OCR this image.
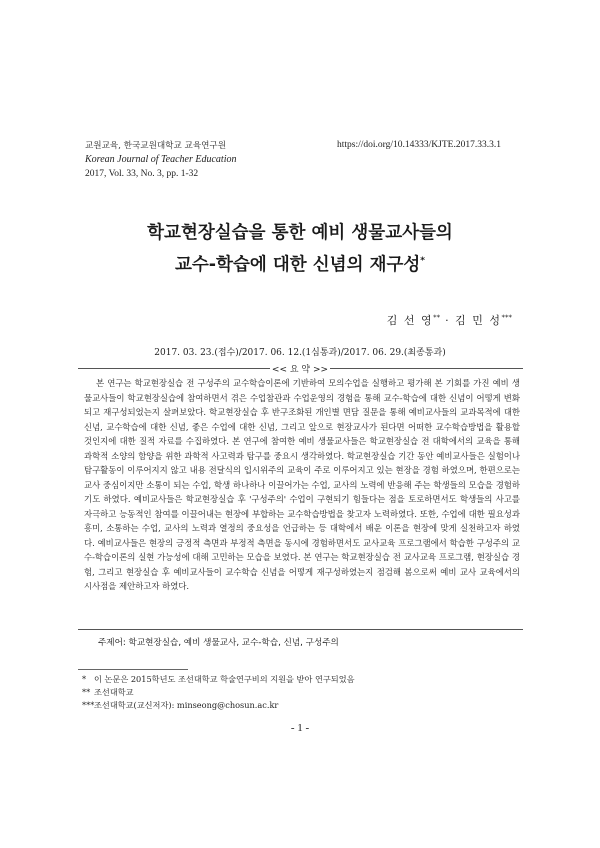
교원교육, 한국교원대학교 교육연구원
Korean Journal of Teacher Education
2017, Vol. 33, No. 3, pp. 1-32
https://doi.org/10.14333/KJTE.2017.33.3.1
학교현장실습을 통한 예비 생물교사들의
교수-학습에 대한 신념의 재구성*
김 선 영** · 김 민 성***
2017. 03. 23.(접수)/2017. 06. 12.(1심통과)/2017. 06. 29.(최종통과)
<< 요 약 >>

본 연구는 학교현장실습 전 구성주의 교수학습이론에 기반하여 모의수업을 실행하고 평가해 본 기회를 가진 예비 생물교사들이 학교현장실습에 참여하면서 겪은 수업참관과 수업운영의 경험을 통해 교수-학습에 대한 신념이 어떻게 변화되고 재구성되었는지 살펴보았다. 학교현장실습 후 반구조화된 개인별 면담 질문을 통해 예비교사들의 교과목적에 대한 신념, 교수학습에 대한 신념, 좋은 수업에 대한 신념, 그리고 앞으로 현장교사가 된다면 어떠한 교수학습방법을 활용할 것인지에 대한 질적 자료를 수집하였다. 본 연구에 참여한 예비 생물교사들은 학교현장실습 전 대학에서의 교육을 통해 과학적 소양의 함양을 위한 과학적 사고력과 탐구를 중요시 생각하였다. 학교현장실습 기간 동안 예비교사들은 실험이나 탐구활동이 이루어지지 않고 내용 전달식의 입시위주의 교육이 주로 이루어지고 있는 현장을 경험 하였으며, 한편으로는 교사 중심이지만 소통이 되는 수업, 학생 하나하나 이끌어가는 수업, 교사의 노력에 반응해 주는 학생들의 모습을 경험하기도 하였다. 예비교사들은 학교현장실습 후 '구성주의' 수업이 구현되기 힘들다는 점을 토로하면서도 학생들의 사고를 자극하고 능동적인 참여를 이끌어내는 현장에 부합하는 교수학습방법을 찾고자 노력하였다. 또한, 수업에 대한 필요성과 흥미, 소통하는 수업, 교사의 노력과 열정의 중요성을 언급하는 등 대학에서 배운 이론을 현장에 맞게 실천하고자 하였다. 예비교사들은 현장의 긍정적 측면과 부정적 측면을 동시에 경험하면서도 교사교육 프로그램에서 학습한 구성주의 교수-학습이론의 실현 가능성에 대해 고민하는 모습을 보였다. 본 연구는 학교현장실습 전 교사교육 프로그램, 현장실습 경험, 그리고 현장실습 후 예비교사들이 교수학습 신념을 어떻게 재구성하였는지 점검해 봄으로써 예비 교사 교육에서의 시사점을 제안하고자 하였다.

주제어: 학교현장실습, 예비 생물교사, 교수-학습, 신념, 구성주의
* 이 논문은 2015학년도 조선대학교 학술연구비의 지원을 받아 연구되었음
** 조선대학교
***조선대학교(교신저자): minseong@chosun.ac.kr
- 1 -
